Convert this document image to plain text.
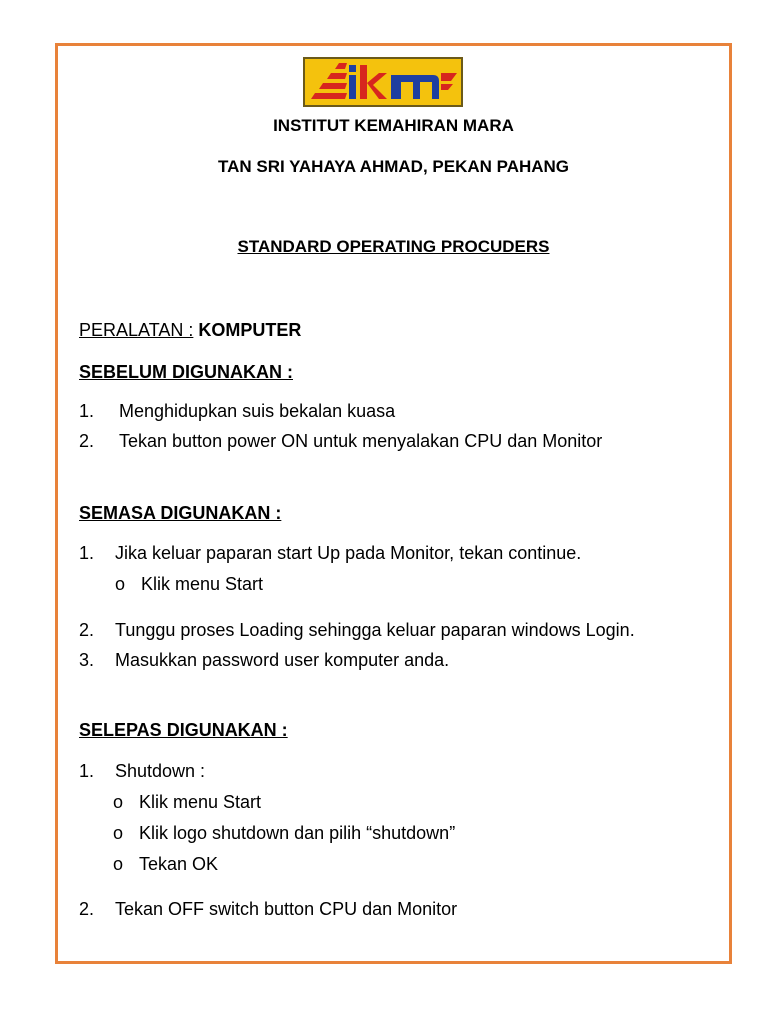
INSTITUT KEMAHIRAN MARA
TAN SRI YAHAYA AHMAD, PEKAN PAHANG
STANDARD OPERATING PROCUDERS
PERALATAN : KOMPUTER
SEBELUM DIGUNAKAN :
1. Menghidupkan suis bekalan kuasa
2. Tekan button power ON untuk menyalakan CPU dan Monitor
SEMASA DIGUNAKAN :
1. Jika keluar paparan start Up pada Monitor, tekan continue.
o Klik menu Start
2. Tunggu proses Loading sehingga keluar paparan windows Login.
3. Masukkan password user komputer anda.
SELEPAS DIGUNAKAN :
1. Shutdown :
o Klik menu Start
o Klik logo shutdown dan pilih “shutdown”
o Tekan OK
2. Tekan OFF switch button CPU dan Monitor
